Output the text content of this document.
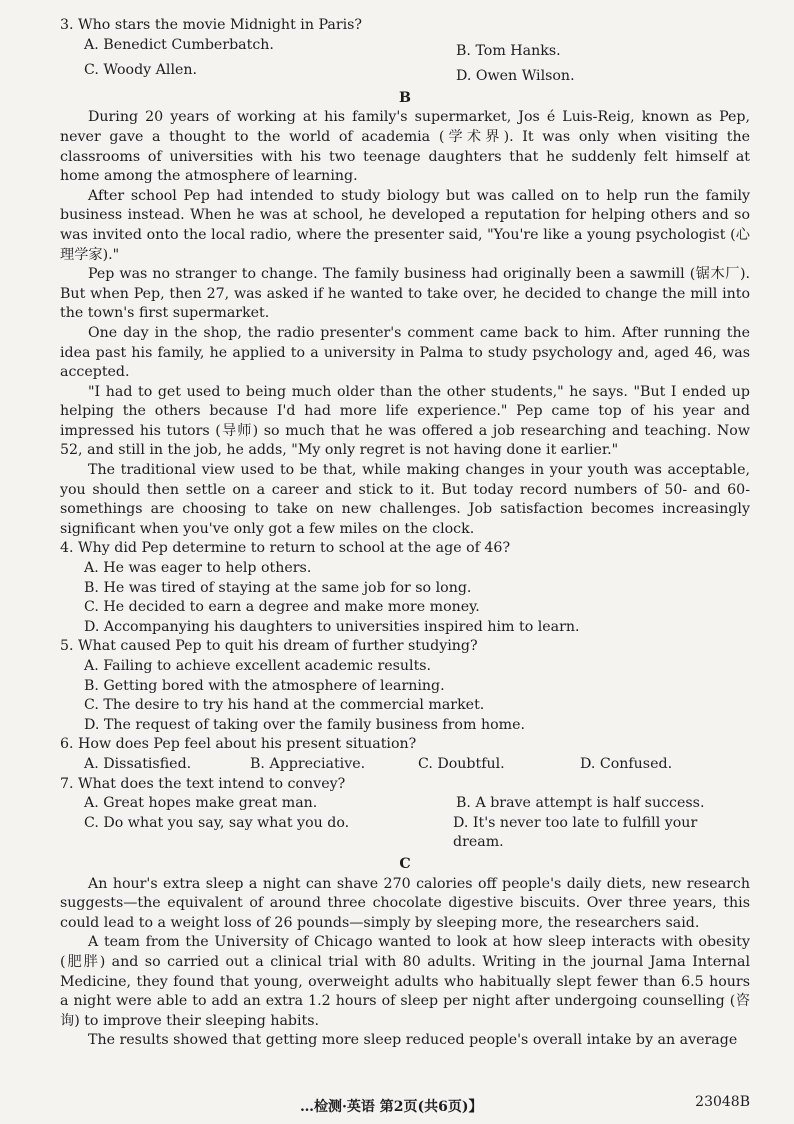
3. Who stars the movie Midnight in Paris?
A. Benedict Cumberbatch.	B. Tom Hanks.
C. Woody Allen.	D. Owen Wilson.
B

During 20 years of working at his family's supermarket, Jos é Luis-Reig, known as Pep, never gave a thought to the world of academia (学术界). It was only when visiting the classrooms of universities with his two teenage daughters that he suddenly felt himself at home among the atmosphere of learning.

After school Pep had intended to study biology but was called on to help run the family business instead. When he was at school, he developed a reputation for helping others and so was invited onto the local radio, where the presenter said, "You're like a young psychologist (心理学家)."

Pep was no stranger to change. The family business had originally been a sawmill (锯木厂). But when Pep, then 27, was asked if he wanted to take over, he decided to change the mill into the town's first supermarket.

One day in the shop, the radio presenter's comment came back to him. After running the idea past his family, he applied to a university in Palma to study psychology and, aged 46, was accepted.

"I had to get used to being much older than the other students," he says. "But I ended up helping the others because I'd had more life experience." Pep came top of his year and impressed his tutors (导师) so much that he was offered a job researching and teaching. Now 52, and still in the job, he adds, "My only regret is not having done it earlier."

The traditional view used to be that, while making changes in your youth was acceptable, you should then settle on a career and stick to it. But today record numbers of 50- and 60-somethings are choosing to take on new challenges. Job satisfaction becomes increasingly significant when you've only got a few miles on the clock.

4. Why did Pep determine to return to school at the age of 46?
A. He was eager to help others.
B. He was tired of staying at the same job for so long.
C. He decided to earn a degree and make more money.
D. Accompanying his daughters to universities inspired him to learn.
5. What caused Pep to quit his dream of further studying?
A. Failing to achieve excellent academic results.
B. Getting bored with the atmosphere of learning.
C. The desire to try his hand at the commercial market.
D. The request of taking over the family business from home.
6. How does Pep feel about his present situation?
A. Dissatisfied.	B. Appreciative.	C. Doubtful.	D. Confused.
7. What does the text intend to convey?
A. Great hopes make great man.	B. A brave attempt is half success.
C. Do what you say, say what you do.	D. It's never too late to fulfill your dream.
C

An hour's extra sleep a night can shave 270 calories off people's daily diets, new research suggests—the equivalent of around three chocolate digestive biscuits. Over three years, this could lead to a weight loss of 26 pounds—simply by sleeping more, the researchers said.

A team from the University of Chicago wanted to look at how sleep interacts with obesity (肥胖) and so carried out a clinical trial with 80 adults. Writing in the journal Jama Internal Medicine, they found that young, overweight adults who habitually slept fewer than 6.5 hours a night were able to add an extra 1.2 hours of sleep per night after undergoing counselling (咨询) to improve their sleeping habits.

The results showed that getting more sleep reduced people's overall intake by an average

…检测·英语 第2页(共6页)】	23048B
